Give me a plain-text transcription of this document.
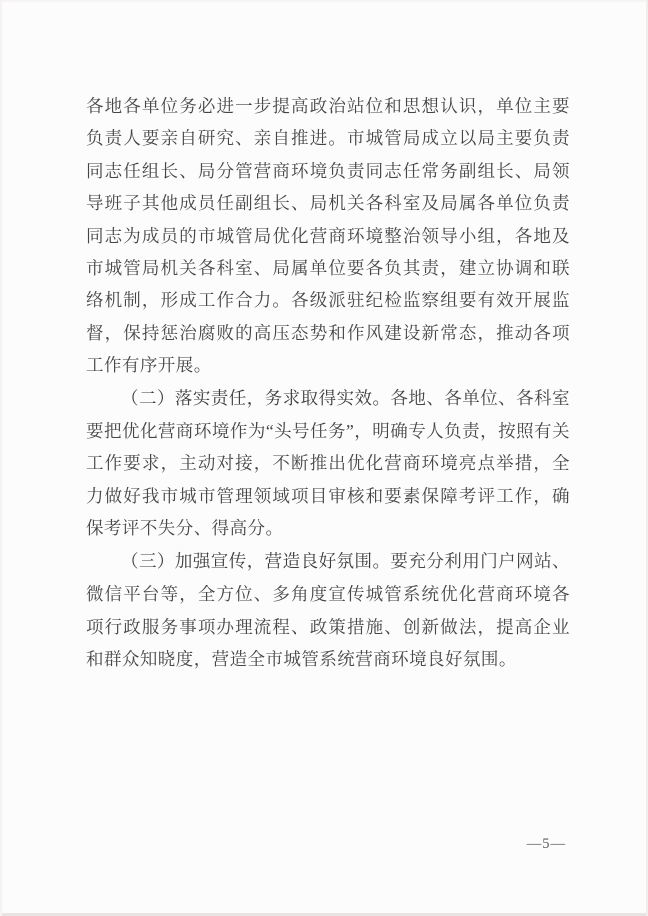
各地各单位务必进一步提高政治站位和思想认识，单位主要负责人要亲自研究、亲自推进。市城管局成立以局主要负责同志任组长、局分管营商环境负责同志任常务副组长、局领导班子其他成员任副组长、局机关各科室及局属各单位负责同志为成员的市城管局优化营商环境整治领导小组，各地及市城管局机关各科室、局属单位要各负其责，建立协调和联络机制，形成工作合力。各级派驻纪检监察组要有效开展监督，保持惩治腐败的高压态势和作风建设新常态，推动各项工作有序开展。

（二）落实责任，务求取得实效。各地、各单位、各科室要把优化营商环境作为“头号任务”，明确专人负责，按照有关工作要求，主动对接，不断推出优化营商环境亮点举措，全力做好我市城市管理领域项目审核和要素保障考评工作，确保考评不失分、得高分。

（三）加强宣传，营造良好氛围。要充分利用门户网站、微信平台等，全方位、多角度宣传城管系统优化营商环境各项行政服务事项办理流程、政策措施、创新做法，提高企业和群众知晓度，营造全市城管系统营商环境良好氛围。

—5—
